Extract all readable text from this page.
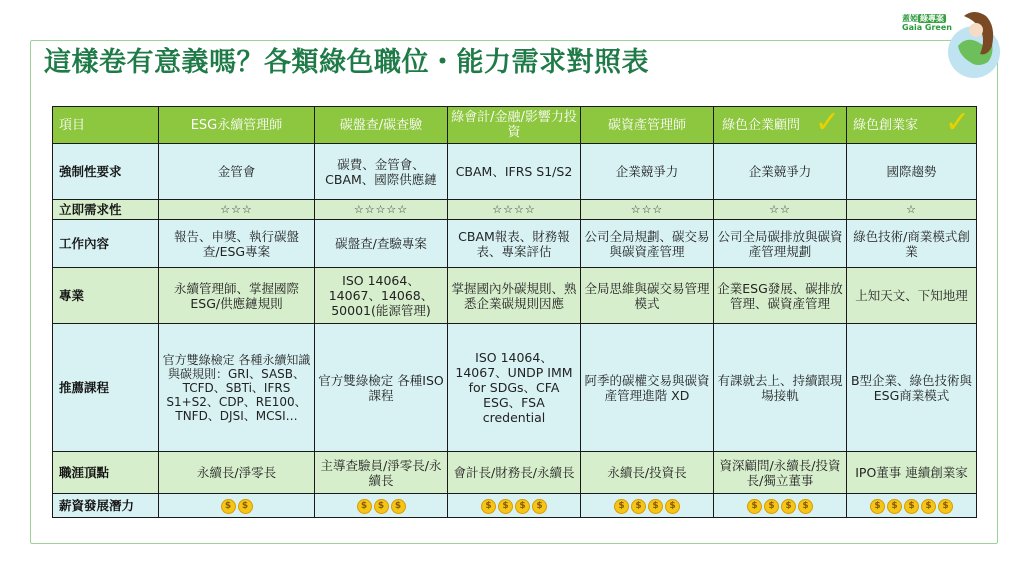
這樣卷有意義嗎？各類綠色職位・能力需求對照表
蓋婭 綠專案
Gaia Green
項目	ESG永續管理師	碳盤查/碳查驗	綠會計/金融/影響力投資	碳資產管理師	綠色企業顧問 ✓	綠色創業家 ✓

強制性要求	金管會	碳費、金管會、CBAM、國際供應鏈	CBAM、IFRS S1/S2	企業競爭力	企業競爭力	國際趨勢
立即需求性	☆☆☆	☆☆☆☆☆	☆☆☆☆	☆☆☆	☆☆	☆
工作內容	報告、申獎、執行碳盤查/ESG專案	碳盤查/查驗專案	CBAM報表、財務報表、專案評估	公司全局規劃、碳交易與碳資產管理	公司全局碳排放與碳資產管理規劃	綠色技術/商業模式創業
專業	永續管理師、掌握國際ESG/供應鏈規則	ISO 14064、14067、14068、50001(能源管理)	掌握國內外碳規則、熟悉企業碳規則因應	全局思維與碳交易管理模式	企業ESG發展、碳排放管理、碳資產管理	上知天文、下知地理
推薦課程	官方雙綠檢定 各種永續知識與碳規則：GRI、SASB、TCFD、SBTi、IFRS S1+S2、CDP、RE100、TNFD、DJSI、MCSI…	官方雙綠檢定 各種ISO課程	ISO 14064、14067、UNDP IMM for SDGs、CFA ESG、FSA credential	阿季的碳權交易與碳資產管理進階 XD	有課就去上、持續跟現場接軌	B型企業、綠色技術與ESG商業模式
職涯頂點	永續長/淨零長	主導查驗員/淨零長/永續長	會計長/財務長/永續長	永續長/投資長	資深顧問/永續長/投資長/獨立董事	IPO董事 連續創業家
薪資發展潛力	$ $	$ $ $	$ $ $ $	$ $ $ $	$ $ $ $	$ $ $ $ $
